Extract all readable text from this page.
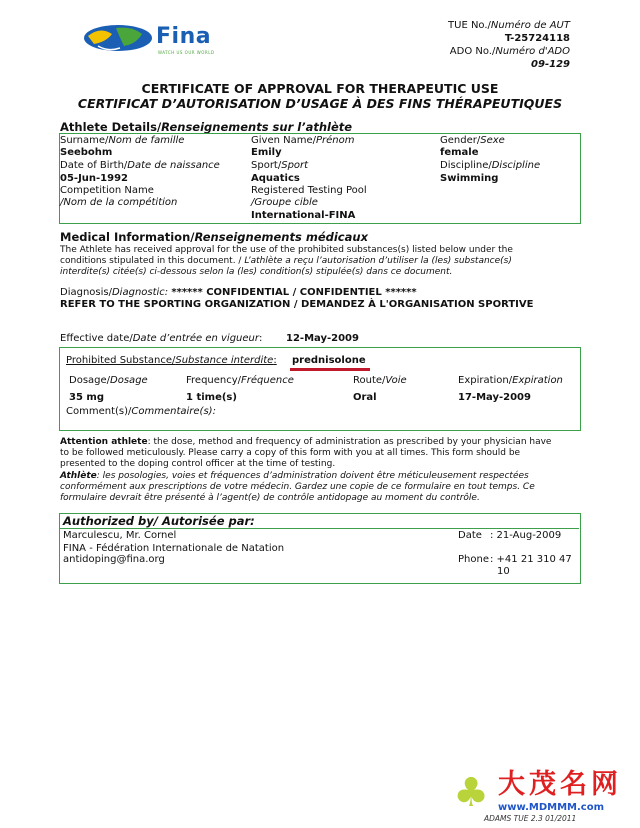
Fina
WATCH US OUR WORLD
TUE No./Numéro de AUT
T-25724118
ADO No./Numéro d'ADO
09-129
CERTIFICATE OF APPROVAL FOR THERAPEUTIC USE
CERTIFICAT D’AUTORISATION D’USAGE À DES FINS THÉRAPEUTIQUES
Athlete Details/Renseignements sur l’athlète
Surname/Nom de famille
Seebohm
Date of Birth/Date de naissance
05-Jun-1992
Competition Name
/Nom de la compétition
Given Name/Prénom
Emily
Sport/Sport
Aquatics
Registered Testing Pool
/Groupe cible
International-FINA
Gender/Sexe
female
Discipline/Discipline
Swimming
Medical Information/Renseignements médicaux
The Athlete has received approval for the use of the prohibited substances(s) listed below under the
conditions stipulated in this document. / L’athlète a reçu l’autorisation d’utiliser la (les) substance(s)
interdite(s) citée(s) ci-dessous selon la (les) condition(s) stipulée(s) dans ce document.
Diagnosis/Diagnostic: ****** CONFIDENTIAL / CONFIDENTIEL ******
REFER TO THE SPORTING ORGANIZATION / DEMANDEZ À L'ORGANISATION SPORTIVE
Effective date/Date d’entrée en vigueur: 12-May-2009
Prohibited Substance/Substance interdite: prednisolone
Dosage/Dosage
35 mg
Frequency/Fréquence
1 time(s)
Route/Voie
Oral
Expiration/Expiration
17-May-2009
Comment(s)/Commentaire(s):
Attention athlete: the dose, method and frequency of administration as prescribed by your physician have
to be followed meticulously. Please carry a copy of this form with you at all times. This form should be
presented to the doping control officer at the time of testing.
Athlète: les posologies, voies et fréquences d’administration doivent être méticuleusement respectées
conformément aux prescriptions de votre médecin. Gardez une copie de ce formulaire en tout temps. Ce
formulaire devrait être présenté à l’agent(e) de contrôle antidopage au moment du contrôle.
Authorized by/ Autorisée par:
Marculescu, Mr. Cornel
FINA - Fédération Internationale de Natation
antidoping@fina.org
Date : 21-Aug-2009
Phone : +41 21 310 47
10
♣ 大茂名网
www.MDMMM.com
ADAMS TUE 2.3 01/2011
